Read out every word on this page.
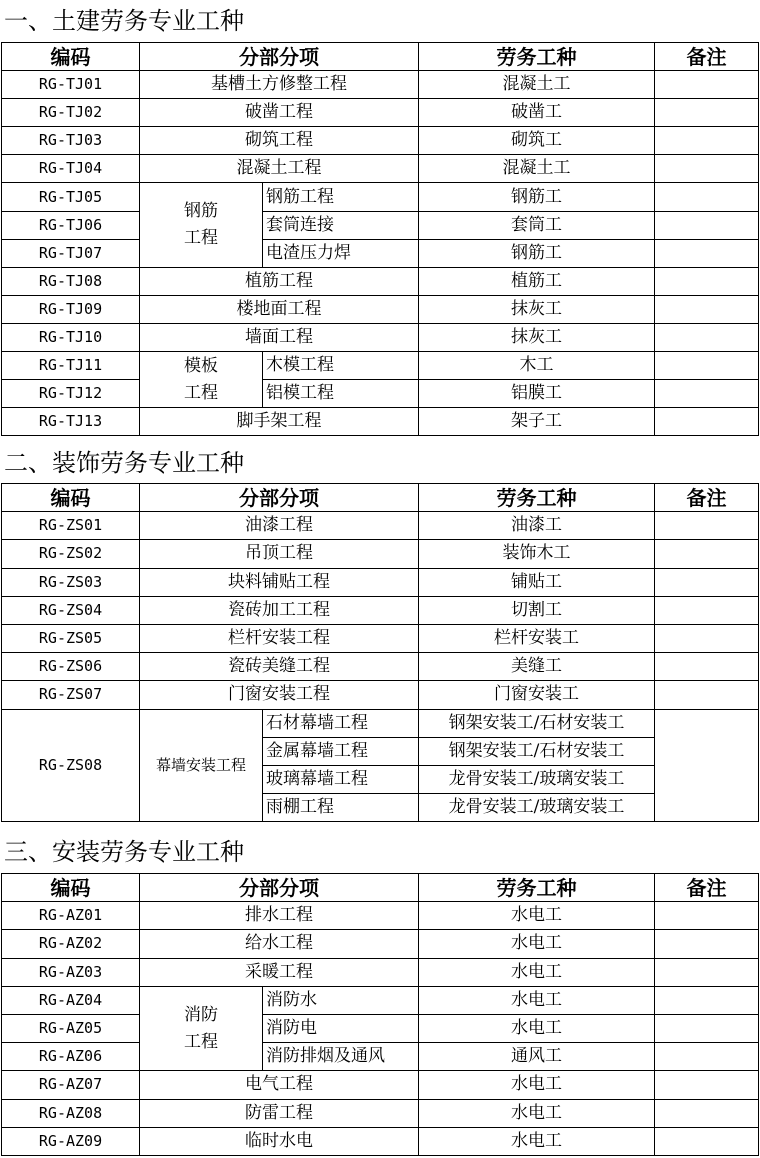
一、土建劳务专业工种
编码	分部分项		劳务工种	备注
RG-TJ01	基槽土方修整工程		混凝土工	
RG-TJ02	破凿工程		破凿工	
RG-TJ03	砌筑工程		砌筑工	
RG-TJ04	混凝土工程		混凝土工	
RG-TJ05	钢筋工程	钢筋工程	钢筋工	
RG-TJ06		套筒连接	套筒工	
RG-TJ07		电渣压力焊	钢筋工	
RG-TJ08	植筋工程		植筋工	
RG-TJ09	楼地面工程		抹灰工	
RG-TJ10	墙面工程		抹灰工	
RG-TJ11	模板工程	木模工程	木工	
RG-TJ12		铝模工程	铝膜工	
RG-TJ13	脚手架工程		架子工	
二、装饰劳务专业工种
编码	分部分项		劳务工种	备注
RG-ZS01	油漆工程		油漆工	
RG-ZS02	吊顶工程		装饰木工	
RG-ZS03	块料铺贴工程		铺贴工	
RG-ZS04	瓷砖加工工程		切割工	
RG-ZS05	栏杆安装工程		栏杆安装工	
RG-ZS06	瓷砖美缝工程		美缝工	
RG-ZS07	门窗安装工程		门窗安装工	
RG-ZS08	幕墙安装工程	石材幕墙工程	钢架安装工/石材安装工	
		金属幕墙工程	钢架安装工/石材安装工	
		玻璃幕墙工程	龙骨安装工/玻璃安装工	
		雨棚工程	龙骨安装工/玻璃安装工	
三、安装劳务专业工种
编码	分部分项		劳务工种	备注
RG-AZ01	排水工程		水电工	
RG-AZ02	给水工程		水电工	
RG-AZ03	采暖工程		水电工	
RG-AZ04	消防工程	消防水	水电工	
RG-AZ05		消防电	水电工	
RG-AZ06		消防排烟及通风	通风工	
RG-AZ07	电气工程		水电工	
RG-AZ08	防雷工程		水电工	
RG-AZ09	临时水电		水电工	
